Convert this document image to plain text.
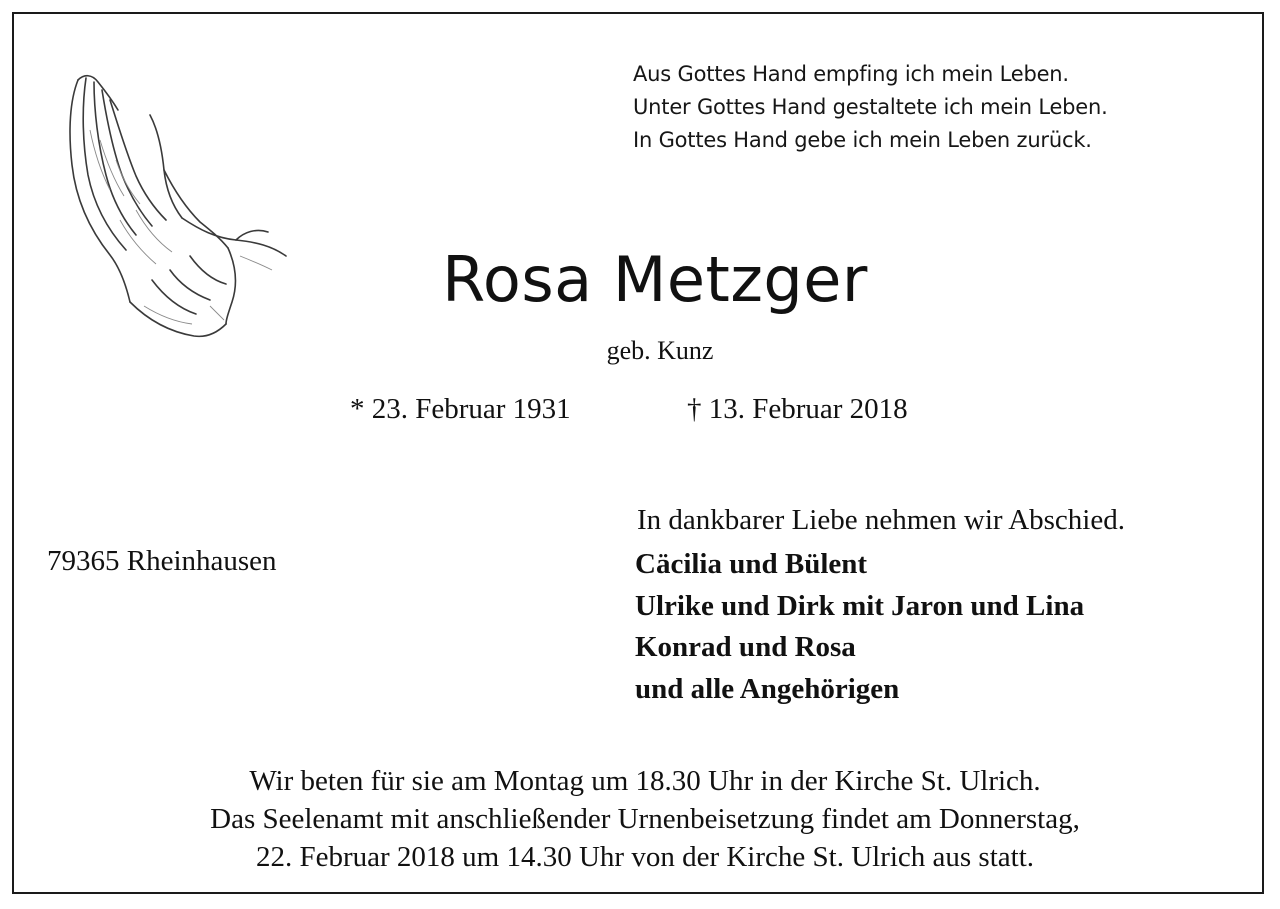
Aus Gottes Hand empfing ich mein Leben.
Unter Gottes Hand gestaltete ich mein Leben.
In Gottes Hand gebe ich mein Leben zurück.
Rosa Metzger
geb. Kunz
* 23. Februar 1931	† 13. Februar 2018
79365 Rheinhausen
In dankbarer Liebe nehmen wir Abschied.
Cäcilia und Bülent
Ulrike und Dirk mit Jaron und Lina
Konrad und Rosa
und alle Angehörigen
Wir beten für sie am Montag um 18.30 Uhr in der Kirche St. Ulrich.
Das Seelenamt mit anschließender Urnenbeisetzung findet am Donnerstag,
22. Februar 2018 um 14.30 Uhr von der Kirche St. Ulrich aus statt.
